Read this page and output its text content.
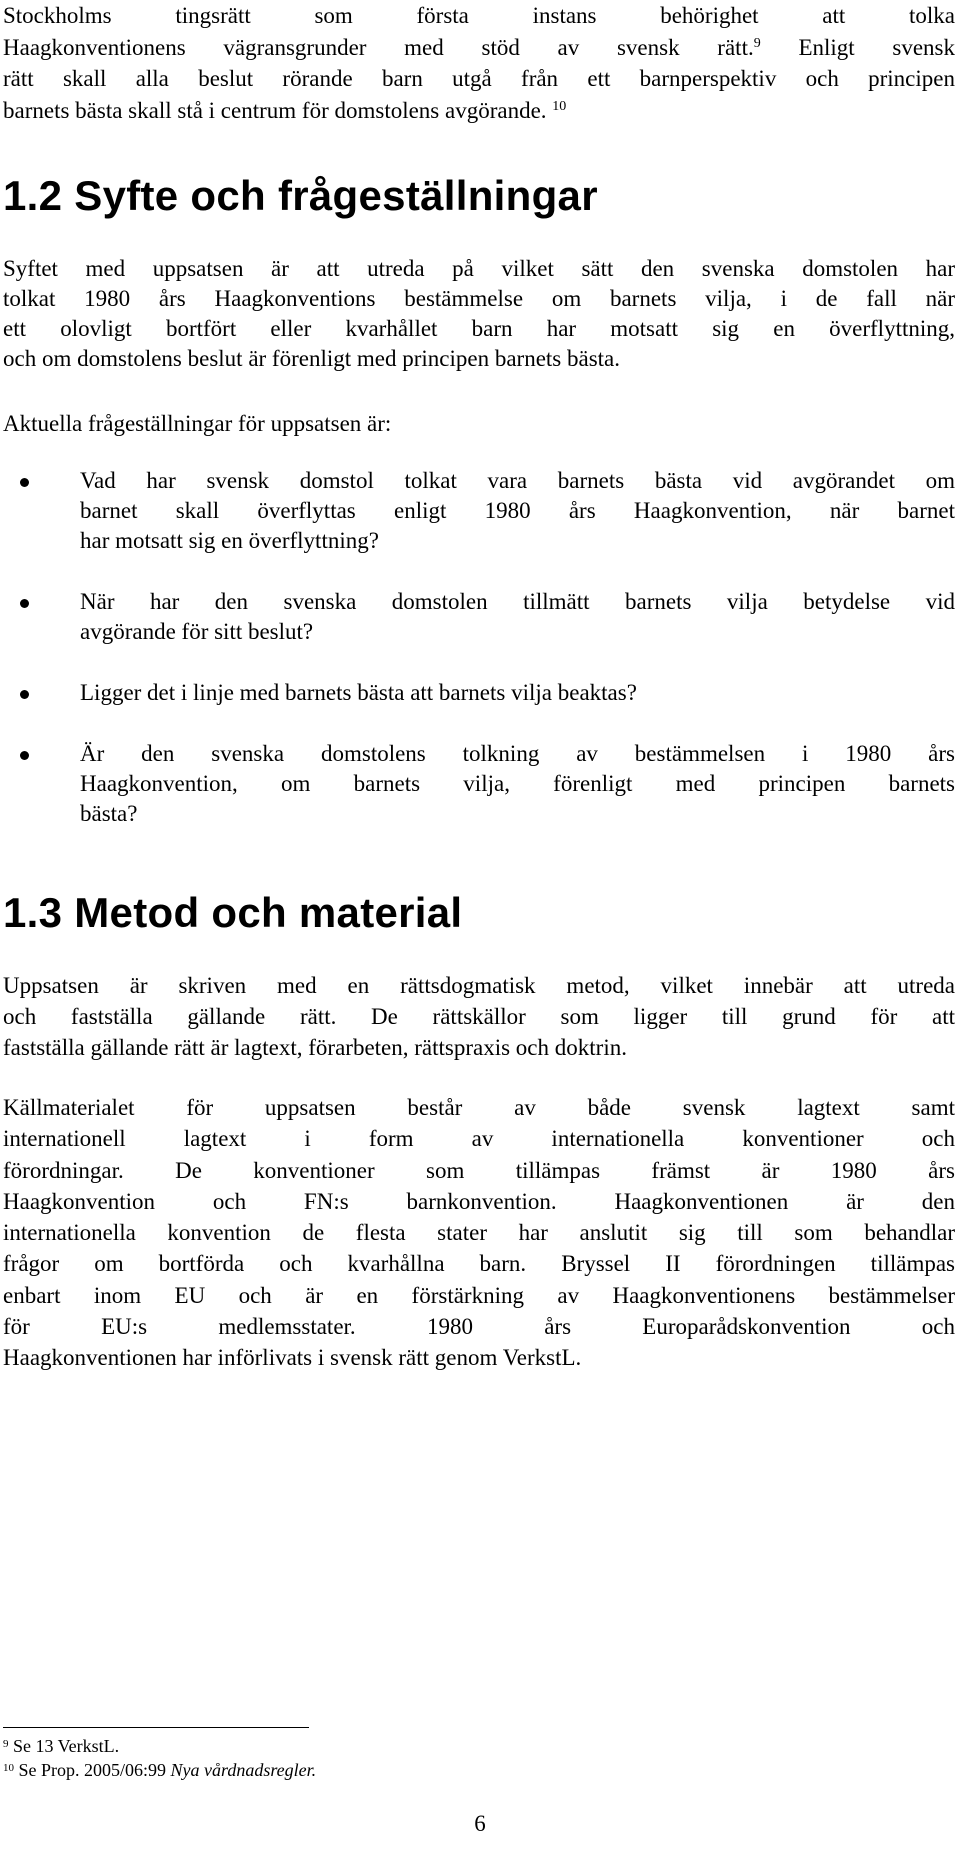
Stockholms tingsrätt som första instans behörighet att tolka
Haagkonventionens vägransgrunder med stöd av svensk rätt.$^9$ Enligt svensk
rätt skall alla beslut rörande barn utgå från ett barnperspektiv och principen
barnets bästa skall stå i centrum för domstolens avgörande. $^{10}$
1.2 Syfte och frågeställningar
Syftet med uppsatsen är att utreda på vilket sätt den svenska domstolen har
tolkat 1980 års Haagkonventions bestämmelse om barnets vilja, i de fall när
ett olovligt bortfört eller kvarhållet barn har motsatt sig en överflyttning,
och om domstolens beslut är förenligt med principen barnets bästa.
Aktuella frågeställningar för uppsatsen är:
Vad har svensk domstol tolkat vara barnets bästa vid avgörandet om
barnet skall överflyttas enligt 1980 års Haagkonvention, när barnet
har motsatt sig en överflyttning?
När har den svenska domstolen tillmätt barnets vilja betydelse vid
avgörande för sitt beslut?
Ligger det i linje med barnets bästa att barnets vilja beaktas?
Är den svenska domstolens tolkning av bestämmelsen i 1980 års
Haagkonvention, om barnets vilja, förenligt med principen barnets
bästa?
1.3 Metod och material
Uppsatsen är skriven med en rättsdogmatisk metod, vilket innebär att utreda
och fastställa gällande rätt. De rättskällor som ligger till grund för att
fastställa gällande rätt är lagtext, förarbeten, rättspraxis och doktrin.
Källmaterialet för uppsatsen består av både svensk lagtext samt
internationell lagtext i form av internationella konventioner och
förordningar. De konventioner som tillämpas främst är 1980 års
Haagkonvention och FN:s barnkonvention. Haagkonventionen är den
internationella konvention de flesta stater har anslutit sig till som behandlar
frågor om bortförda och kvarhållna barn. Bryssel II förordningen tillämpas
enbart inom EU och är en förstärkning av Haagkonventionens bestämmelser
för EU:s medlemsstater. 1980 års Europarådskonvention och
Haagkonventionen har införlivats i svensk rätt genom VerkstL.
$^9$ Se 13 VerkstL.
$^{10}$ Se Prop. 2005/06:99 Nya vårdnadsregler.
6
